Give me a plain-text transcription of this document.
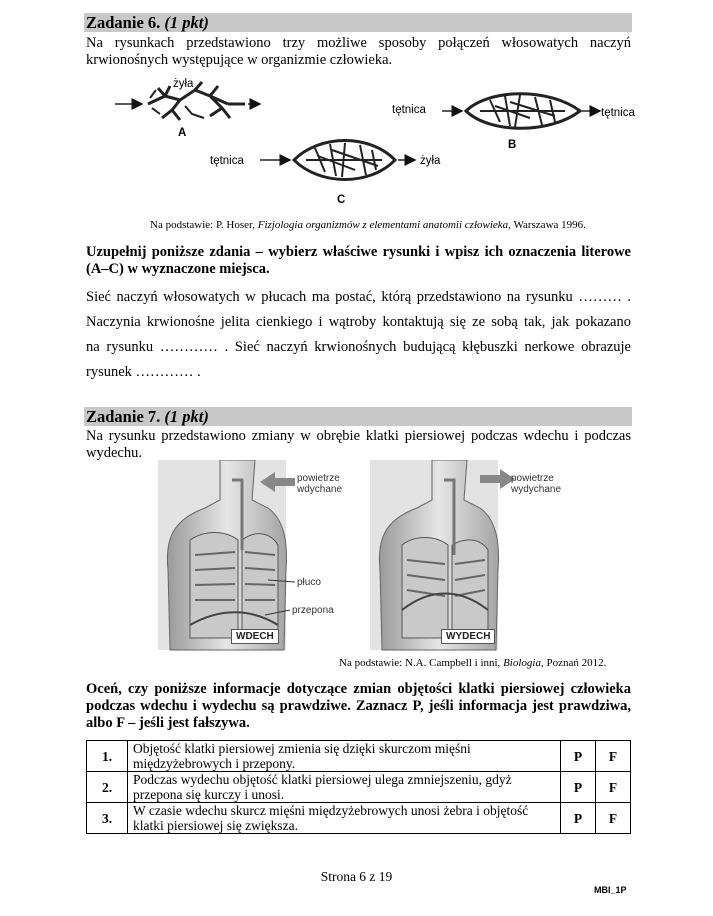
Zadanie 6. (1 pkt)
Na rysunkach przedstawiono trzy możliwe sposoby połączeń włosowatych naczyń krwionośnych występujące w organizmie człowieka.
żyła
A
tętnica	tętnica
B
tętnica	żyła
C
Na podstawie: P. Hoser, Fizjologia organizmów z elementami anatomii człowieka, Warszawa 1996.
Uzupełnij poniższe zdania – wybierz właściwe rysunki i wpisz ich oznaczenia literowe (A–C) w wyznaczone miejsca.
Sieć naczyń włosowatych w płucach ma postać, którą przedstawiono na rysunku ……… .
Naczynia krwionośne jelita cienkiego i wątroby kontaktują się ze sobą tak, jak pokazano
na rysunku ………… . Sieć naczyń krwionośnych budującą kłębuszki nerkowe obrazuje
rysunek ………… .
Zadanie 7. (1 pkt)
Na rysunku przedstawiono zmiany w obrębie klatki piersiowej podczas wdechu i podczas wydechu.
powietrze
wdychane
powietrze
wydychane
płuco
przepona
WDECH	WYDECH
Na podstawie: N.A. Campbell i inni, Biologia, Poznań 2012.
Oceń, czy poniższe informacje dotyczące zmian objętości klatki piersiowej człowieka podczas wdechu i wydechu są prawdziwe. Zaznacz P, jeśli informacja jest prawdziwa, albo F – jeśli jest fałszywa.
1.	Objętość klatki piersiowej zmienia się dzięki skurczom mięśni międzyżebrowych i przepony.	P	F
2.	Podczas wydechu objętość klatki piersiowej ulega zmniejszeniu, gdyż przepona się kurczy i unosi.	P	F
3.	W czasie wdechu skurcz mięśni międzyżebrowych unosi żebra i objętość klatki piersiowej się zwiększa.	P	F
Strona 6 z 19
MBI_1P
